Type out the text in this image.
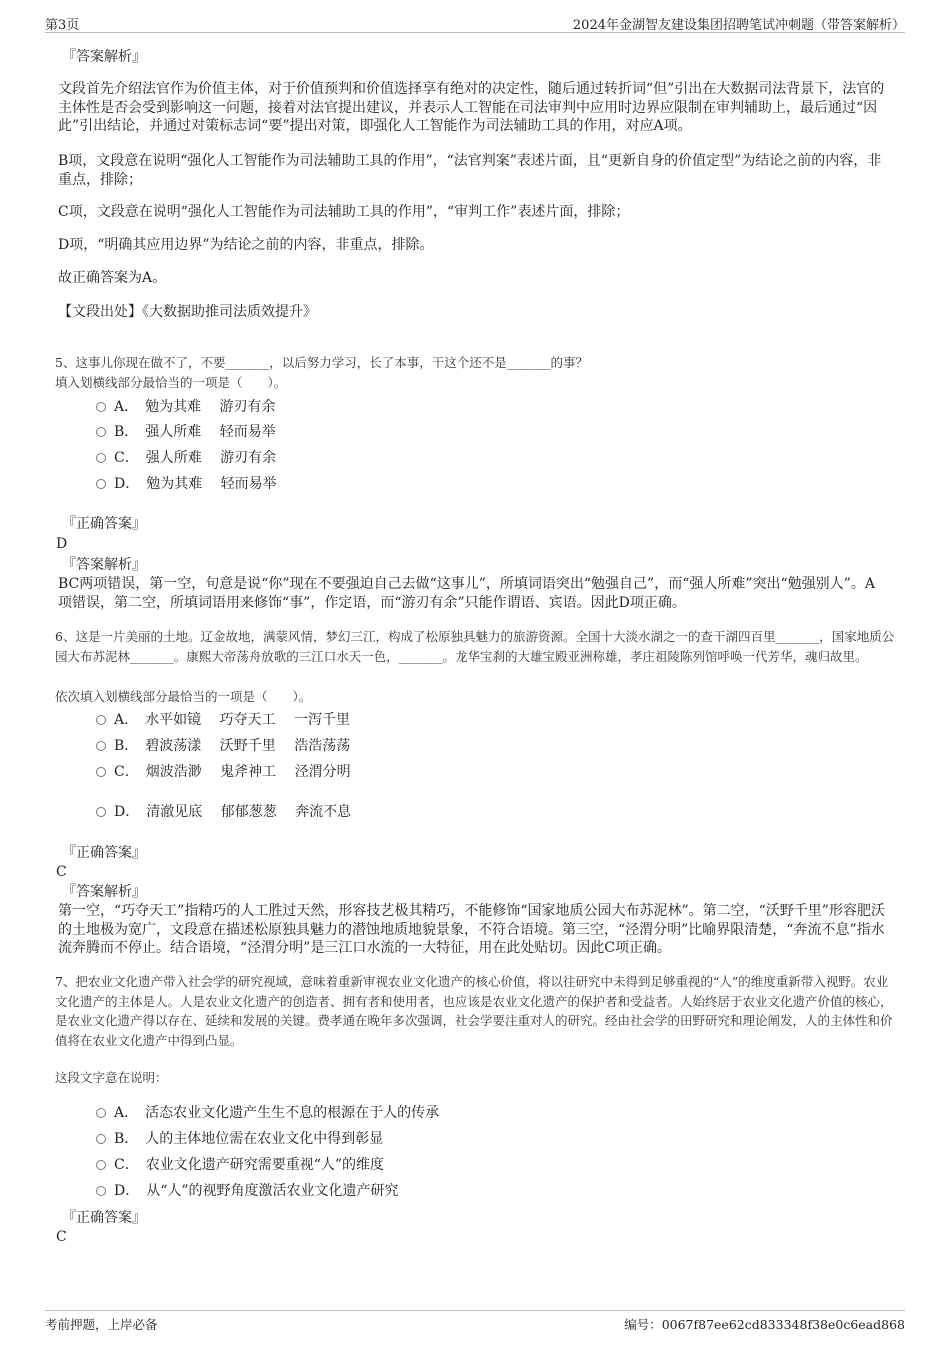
第3页	2024年金湖智友建设集团招聘笔试冲刺题（带答案解析）
『答案解析』

文段首先介绍法官作为价值主体，对于价值预判和价值选择享有绝对的决定性，随后通过转折词“但”引出在大数据司法背景下，法官的主体性是否会受到影响这一问题，接着对法官提出建议，并表示人工智能在司法审判中应用时边界应限制在审判辅助上，最后通过“因此”引出结论，并通过对策标志词“要”提出对策，即强化人工智能作为司法辅助工具的作用，对应A项。

B项，文段意在说明“强化人工智能作为司法辅助工具的作用”，“法官判案”表述片面，且“更新自身的价值定型”为结论之前的内容，非重点，排除；

C项，文段意在说明“强化人工智能作为司法辅助工具的作用”，“审判工作”表述片面，排除；

D项，“明确其应用边界”为结论之前的内容，非重点，排除。

故正确答案为A。

【文段出处】《大数据助推司法质效提升》

5、这事儿你现在做不了，不要_______，以后努力学习，长了本事，干这个还不是_______的事？

填入划横线部分最恰当的一项是（　　）。

A．　勉为其难　 游刃有余
B．　强人所难　 轻而易举
C．　强人所难　 游刃有余
D．　勉为其难　 轻而易举
『正确答案』
D
『答案解析』

BC两项错误，第一空，句意是说“你”现在不要强迫自己去做“这事儿”，所填词语突出“勉强自己”，而“强人所难”突出“勉强别人”。A项错误，第二空，所填词语用来修饰“事”，作定语，而“游刃有余”只能作谓语、宾语。因此D项正确。

6、这是一片美丽的土地。辽金故地，满蒙风情，梦幻三江，构成了松原独具魅力的旅游资源。全国十大淡水湖之一的查干湖四百里_______，国家地质公园大布苏泥林_______。康熙大帝荡舟放歌的三江口水天一色，_______。龙华宝刹的大雄宝殿亚洲称雄，孝庄祖陵陈列馆呼唤一代芳华，魂归故里。

依次填入划横线部分最恰当的一项是（　　）。

A．　水平如镜　 巧夺天工　 一泻千里
B．　碧波荡漾　 沃野千里　 浩浩荡荡
C．　烟波浩渺　 鬼斧神工　 泾渭分明
D．　清澈见底　 郁郁葱葱　 奔流不息
『正确答案』
C
『答案解析』

第一空，“巧夺天工”指精巧的人工胜过天然，形容技艺极其精巧，不能修饰“国家地质公园大布苏泥林”。第二空，“沃野千里”形容肥沃的土地极为宽广，文段意在描述松原独具魅力的潜蚀地质地貌景象，不符合语境。第三空，“泾渭分明”比喻界限清楚，“奔流不息”指水流奔腾而不停止。结合语境，“泾渭分明”是三江口水流的一大特征，用在此处贴切。因此C项正确。

7、把农业文化遗产带入社会学的研究视域，意味着重新审视农业文化遗产的核心价值，将以往研究中未得到足够重视的“人”的维度重新带入视野。农业文化遗产的主体是人。人是农业文化遗产的创造者、拥有者和使用者，也应该是农业文化遗产的保护者和受益者。人始终居于农业文化遗产价值的核心，是农业文化遗产得以存在、延续和发展的关键。费孝通在晚年多次强调，社会学要注重对人的研究。经由社会学的田野研究和理论阐发，人的主体性和价值将在农业文化遗产中得到凸显。

这段文字意在说明：

A．　活态农业文化遗产生生不息的根源在于人的传承
B．　人的主体地位需在农业文化中得到彰显
C．　农业文化遗产研究需要重视“人”的维度
D．　从“人”的视野角度激活农业文化遗产研究
『正确答案』
C
考前押题，上岸必备	编号：0067f87ee62cd833348f38e0c6ead868
